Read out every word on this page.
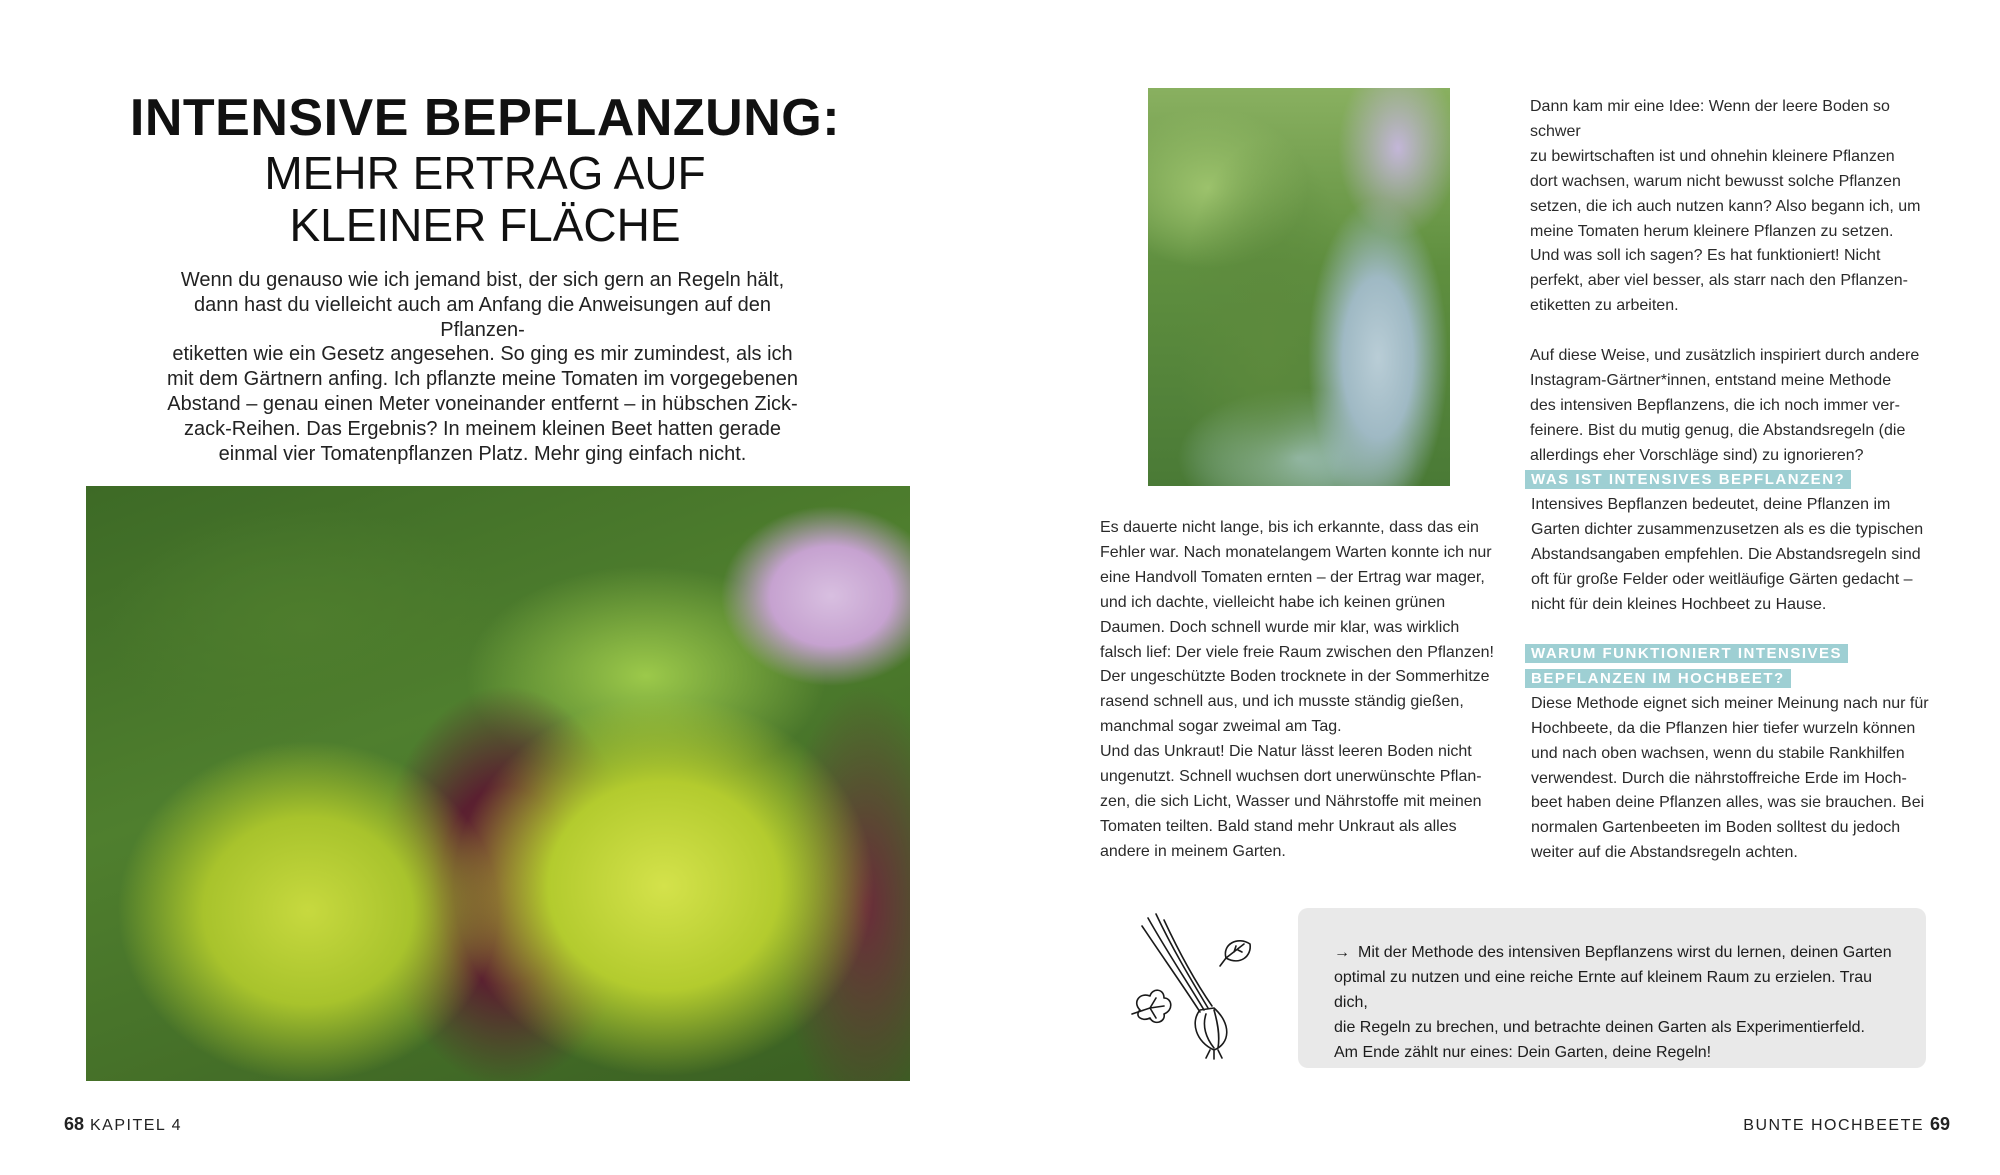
INTENSIVE BEPFLANZUNG:
MEHR ERTRAG AUF
KLEINER FLÄCHE
Wenn du genauso wie ich jemand bist, der sich gern an Regeln hält,
dann hast du vielleicht auch am Anfang die Anweisungen auf den Pflanzen-
etiketten wie ein Gesetz angesehen. So ging es mir zumindest, als ich
mit dem Gärtnern anfing. Ich pflanzte meine Tomaten im vorgegebenen
Abstand – genau einen Meter voneinander entfernt – in hübschen Zick-
zack-Reihen. Das Ergebnis? In meinem kleinen Beet hatten gerade
einmal vier Tomatenpflanzen Platz. Mehr ging einfach nicht.
68 KAPITEL 4
Es dauerte nicht lange, bis ich erkannte, dass das ein
Fehler war. Nach monatelangem Warten konnte ich nur
eine Handvoll Tomaten ernten – der Ertrag war mager,
und ich dachte, vielleicht habe ich keinen grünen
Daumen. Doch schnell wurde mir klar, was wirklich
falsch lief: Der viele freie Raum zwischen den Pflanzen!
Der ungeschützte Boden trocknete in der Sommerhitze
rasend schnell aus, und ich musste ständig gießen,
manchmal sogar zweimal am Tag.
Und das Unkraut! Die Natur lässt leeren Boden nicht
ungenutzt. Schnell wuchsen dort unerwünschte Pflan-
zen, die sich Licht, Wasser und Nährstoffe mit meinen
Tomaten teilten. Bald stand mehr Unkraut als alles
andere in meinem Garten.

Dann kam mir eine Idee: Wenn der leere Boden so schwer
zu bewirtschaften ist und ohnehin kleinere Pflanzen
dort wachsen, warum nicht bewusst solche Pflanzen
setzen, die ich auch nutzen kann? Also begann ich, um
meine Tomaten herum kleinere Pflanzen zu setzen.
Und was soll ich sagen? Es hat funktioniert! Nicht
perfekt, aber viel besser, als starr nach den Pflanzen-
etiketten zu arbeiten.

Auf diese Weise, und zusätzlich inspiriert durch andere
Instagram-Gärtner*innen, entstand meine Methode
des intensiven Bepflanzens, die ich noch immer ver-
feinere. Bist du mutig genug, die Abstandsregeln (die
allerdings eher Vorschläge sind) zu ignorieren?

WAS IST INTENSIVES BEPFLANZEN?
Intensives Bepflanzen bedeutet, deine Pflanzen im
Garten dichter zusammenzusetzen als es die typischen
Abstandsangaben empfehlen. Die Abstandsregeln sind
oft für große Felder oder weitläufige Gärten gedacht –
nicht für dein kleines Hochbeet zu Hause.
WARUM FUNKTIONIERT INTENSIVES
BEPFLANZEN IM HOCHBEET?
Diese Methode eignet sich meiner Meinung nach nur für
Hochbeete, da die Pflanzen hier tiefer wurzeln können
und nach oben wachsen, wenn du stabile Rankhilfen
verwendest. Durch die nährstoffreiche Erde im Hoch-
beet haben deine Pflanzen alles, was sie brauchen. Bei
normalen Gartenbeeten im Boden solltest du jedoch
weiter auf die Abstandsregeln achten.
→ Mit der Methode des intensiven Bepflanzens wirst du lernen, deinen Garten
optimal zu nutzen und eine reiche Ernte auf kleinem Raum zu erzielen. Trau dich,
die Regeln zu brechen, und betrachte deinen Garten als Experimentierfeld.
Am Ende zählt nur eines: Dein Garten, deine Regeln!
BUNTE HOCHBEETE 69
